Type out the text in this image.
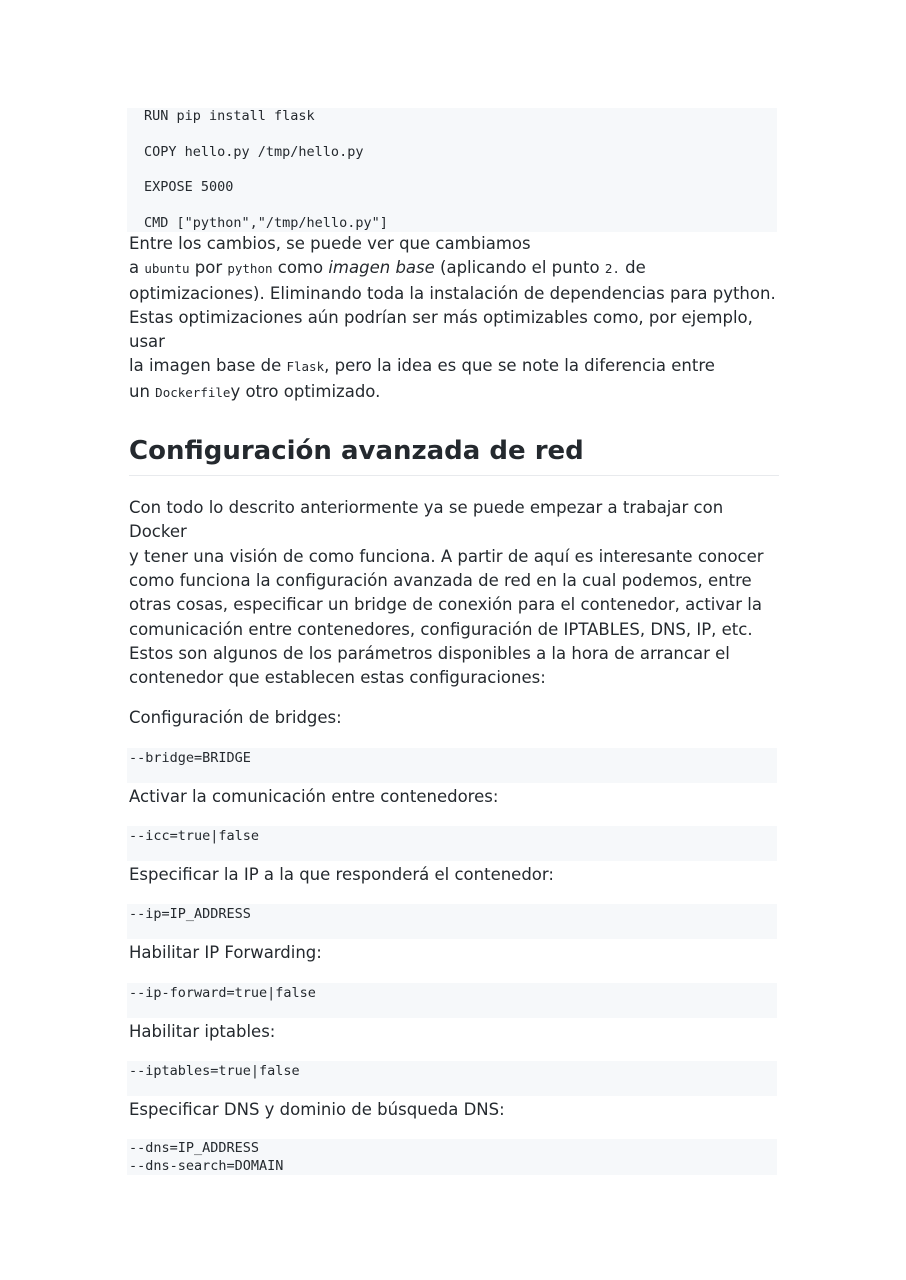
RUN pip install flask
COPY hello.py /tmp/hello.py
EXPOSE 5000
CMD ["python","/tmp/hello.py"]

Entre los cambios, se puede ver que cambiamos
a ubuntu por python como imagen base (aplicando el punto 2. de
optimizaciones). Eliminando toda la instalación de dependencias para python.
Estas optimizaciones aún podrían ser más optimizables como, por ejemplo, usar
la imagen base de Flask, pero la idea es que se note la diferencia entre
un Dockerfiley otro optimizado.

Configuración avanzada de red

Con todo lo descrito anteriormente ya se puede empezar a trabajar con Docker
y tener una visión de como funciona. A partir de aquí es interesante conocer
como funciona la configuración avanzada de red en la cual podemos, entre
otras cosas, especificar un bridge de conexión para el contenedor, activar la
comunicación entre contenedores, configuración de IPTABLES, DNS, IP, etc.
Estos son algunos de los parámetros disponibles a la hora de arrancar el
contenedor que establecen estas configuraciones:

Configuración de bridges:

--bridge=BRIDGE

Activar la comunicación entre contenedores:

--icc=true|false

Especificar la IP a la que responderá el contenedor:

--ip=IP_ADDRESS

Habilitar IP Forwarding:

--ip-forward=true|false

Habilitar iptables:

--iptables=true|false

Especificar DNS y dominio de búsqueda DNS:

--dns=IP_ADDRESS
--dns-search=DOMAIN
